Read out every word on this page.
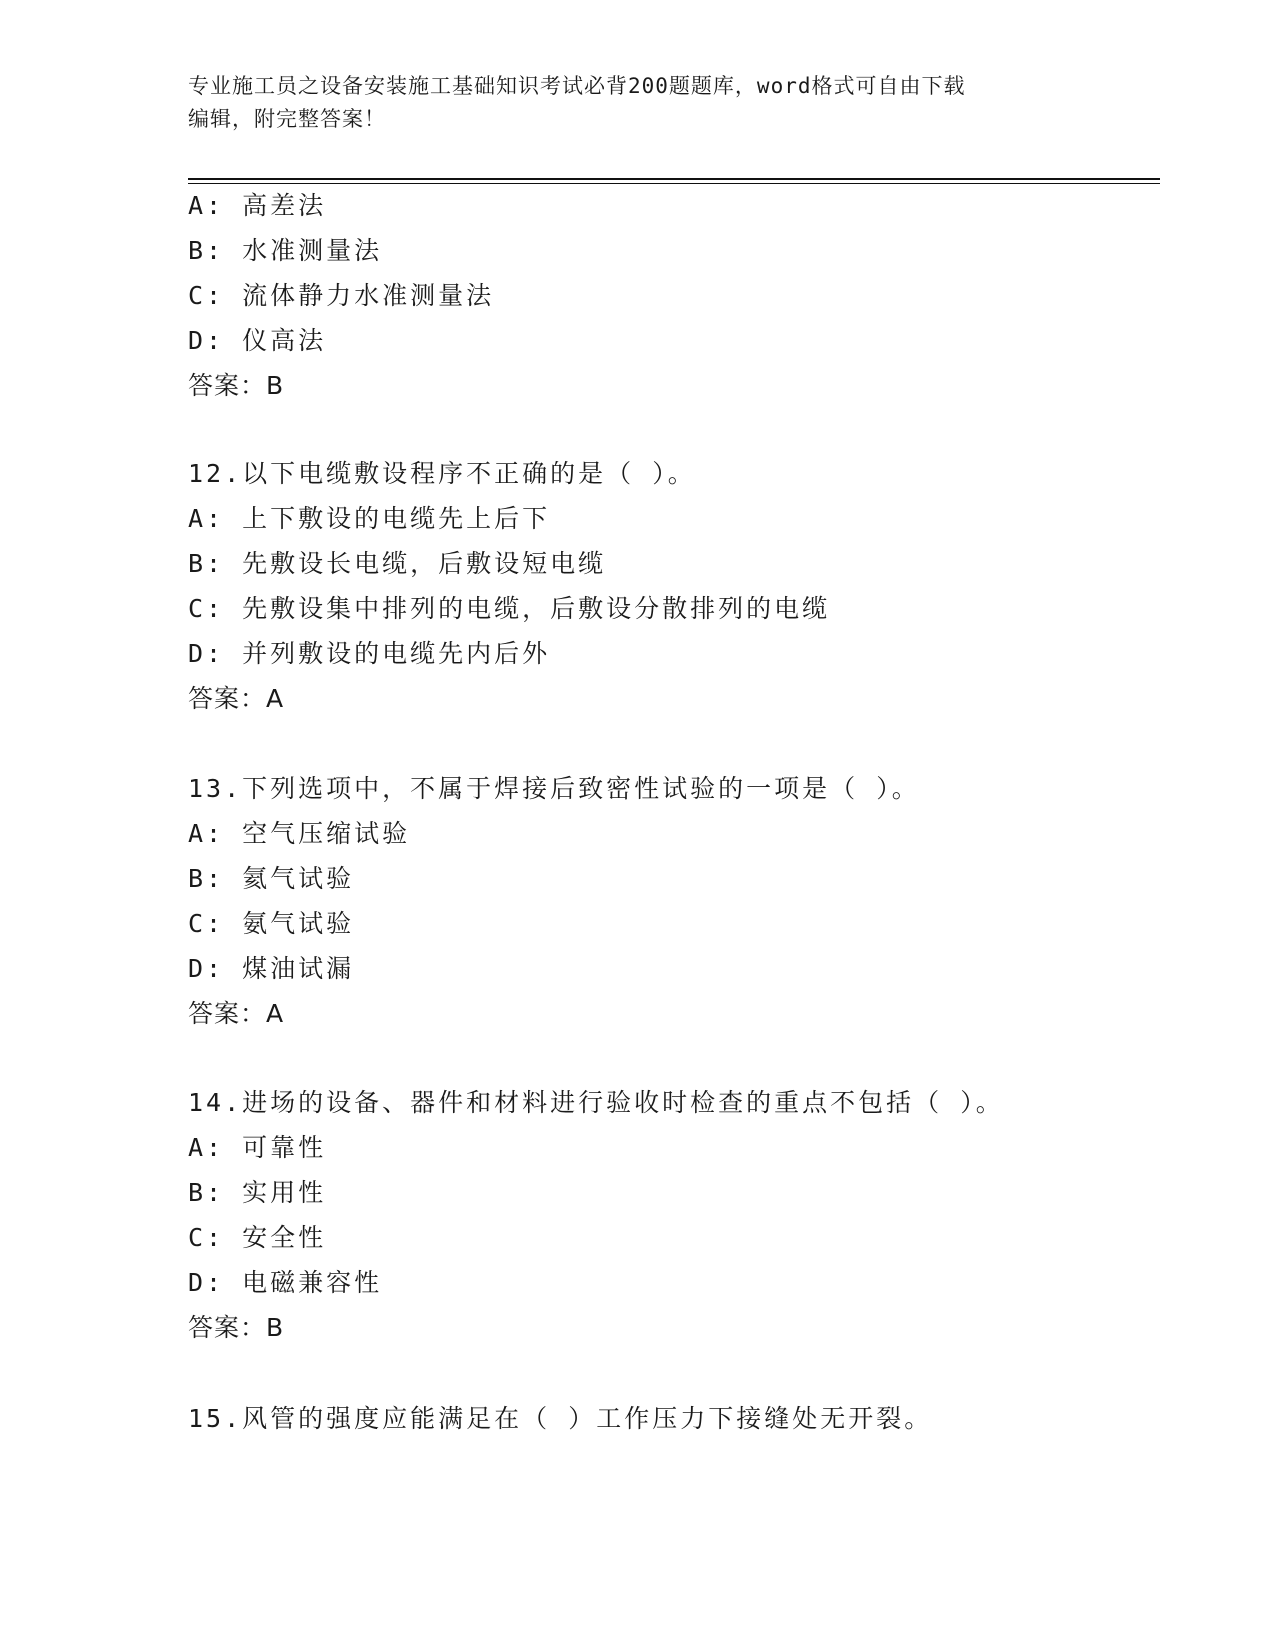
专业施工员之设备安装施工基础知识考试必背200题题库，word格式可自由下载
编辑，附完整答案！
A: 高差法
B: 水准测量法
C: 流体静力水准测量法
D: 仪高法
答案：B
12.以下电缆敷设程序不正确的是（ ）。
A: 上下敷设的电缆先上后下
B: 先敷设长电缆，后敷设短电缆
C: 先敷设集中排列的电缆，后敷设分散排列的电缆
D: 并列敷设的电缆先内后外
答案：A
13.下列选项中，不属于焊接后致密性试验的一项是（ ）。
A: 空气压缩试验
B: 氦气试验
C: 氨气试验
D: 煤油试漏
答案：A
14.进场的设备、器件和材料进行验收时检查的重点不包括（ ）。
A: 可靠性
B: 实用性
C: 安全性
D: 电磁兼容性
答案：B
15.风管的强度应能满足在（ ）工作压力下接缝处无开裂。
